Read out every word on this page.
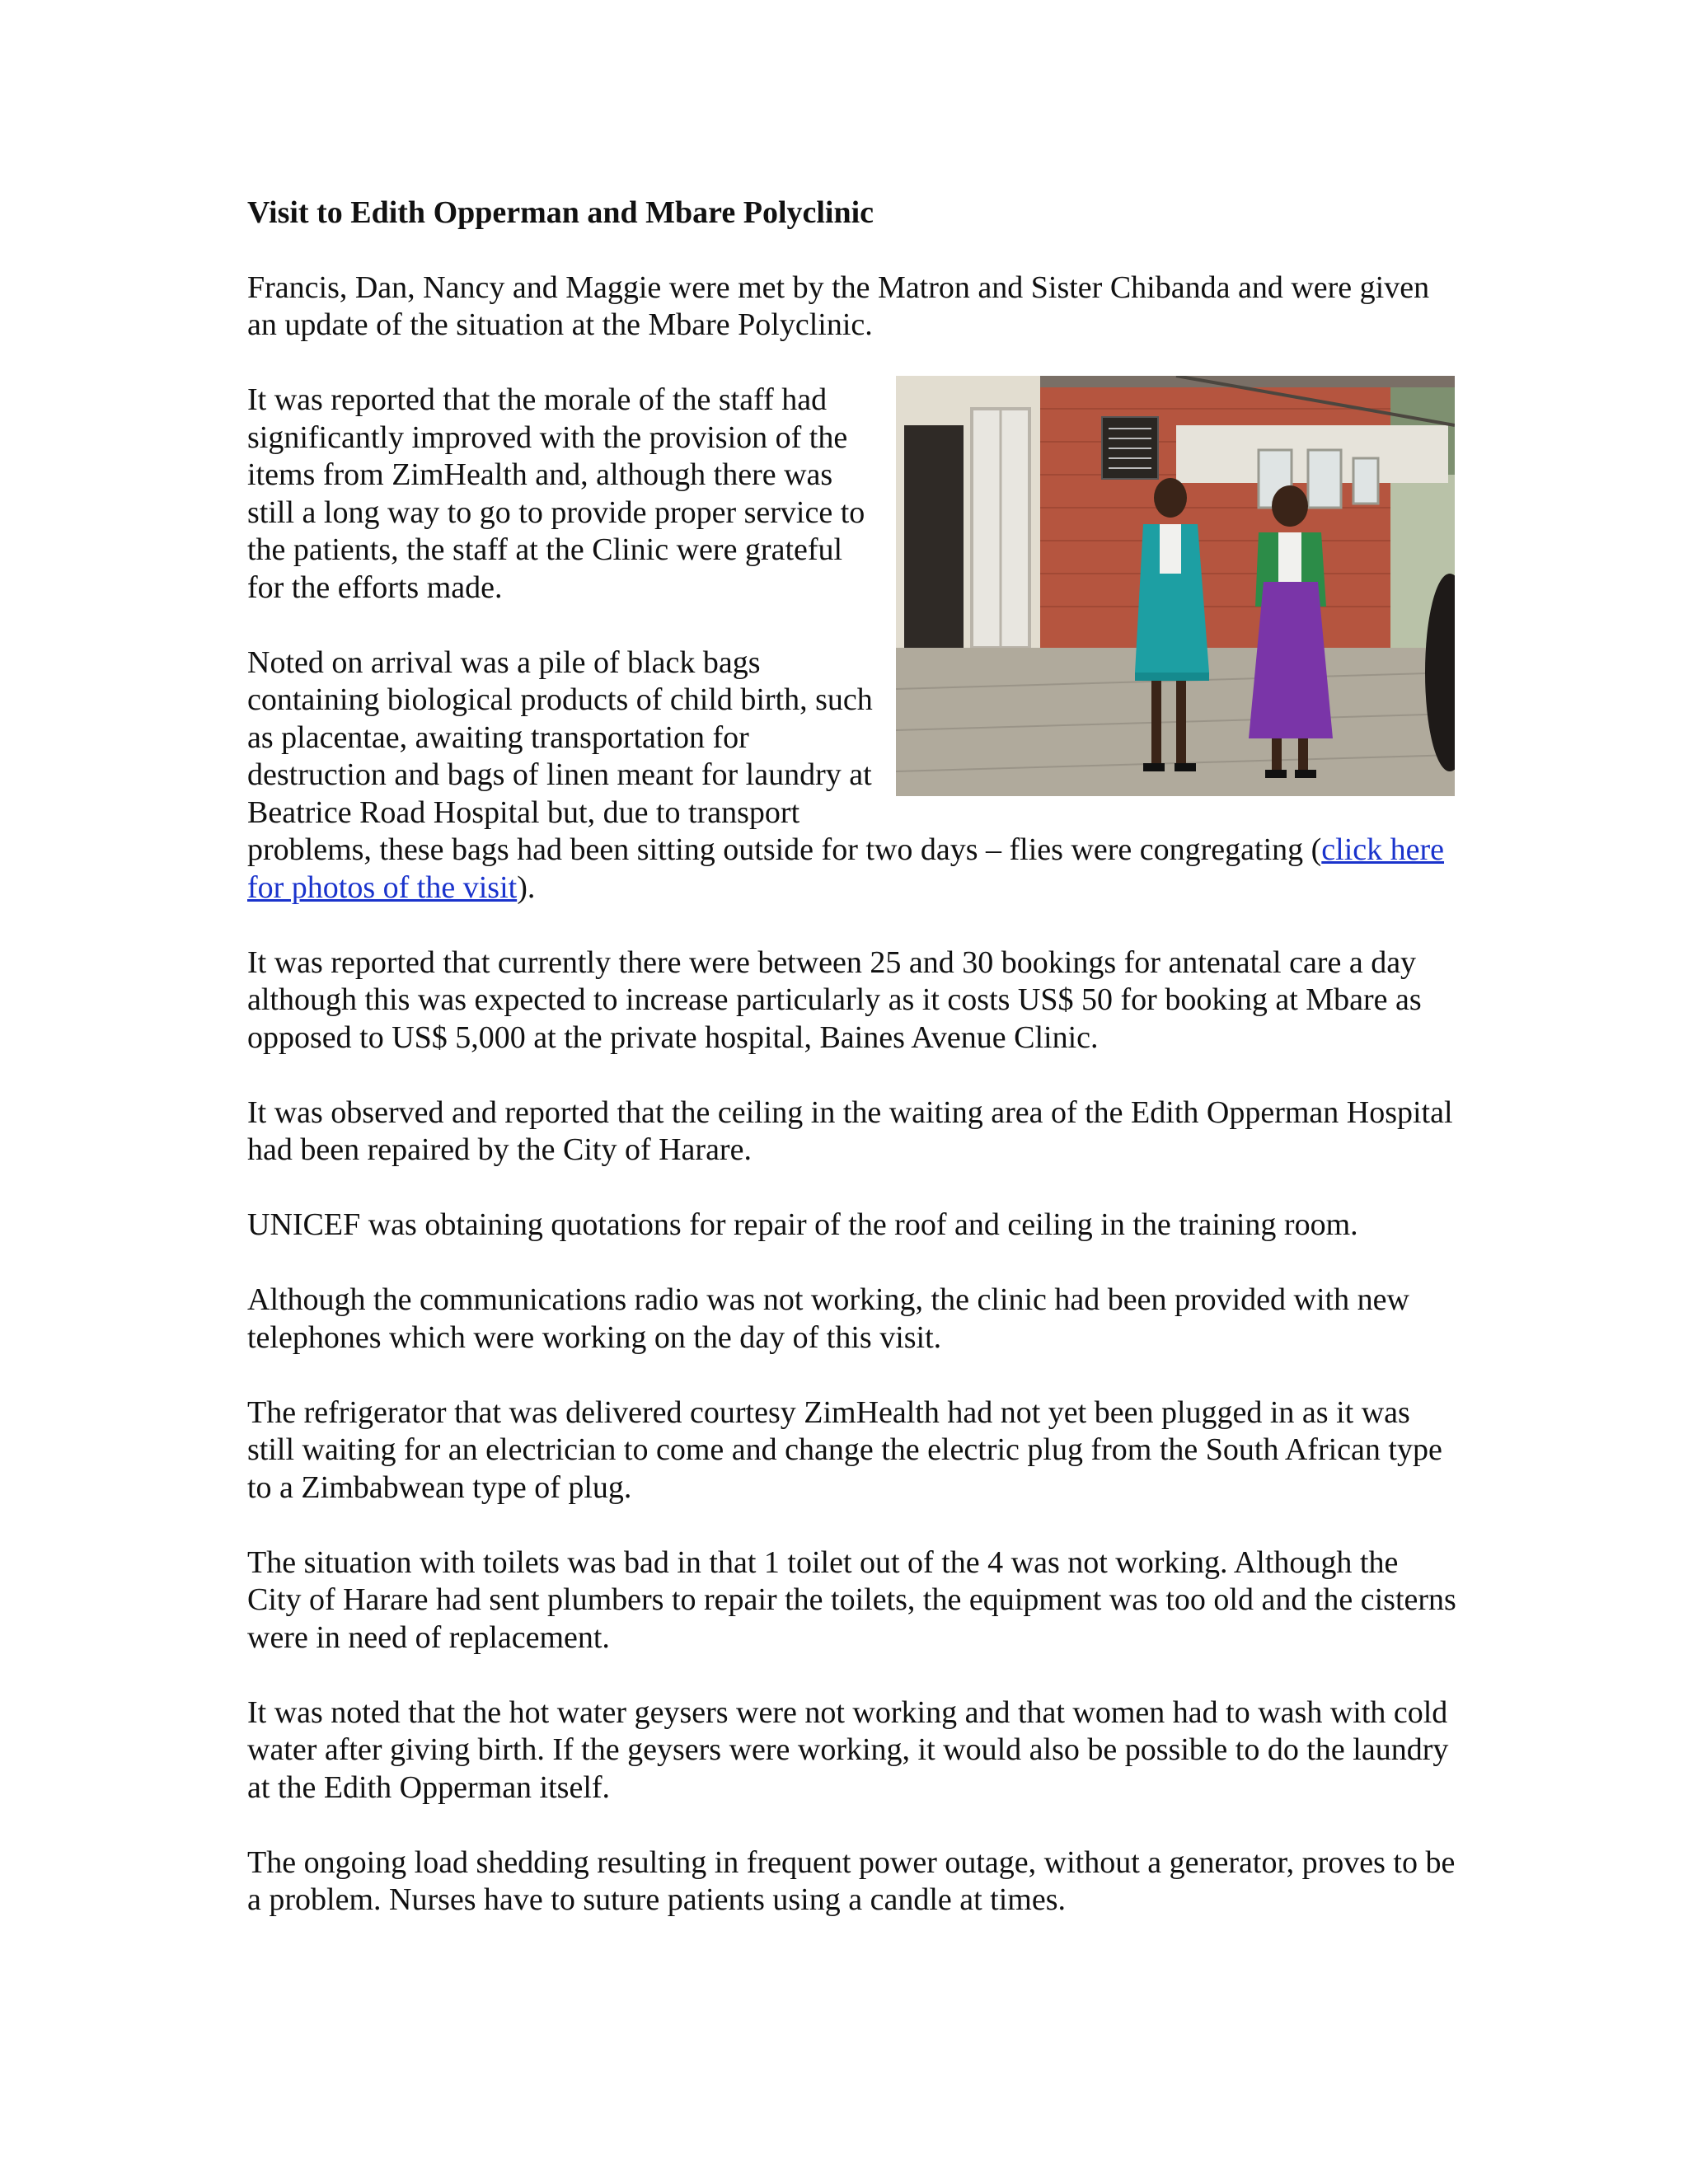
Visit to Edith Opperman and Mbare Polyclinic

Francis, Dan, Nancy and Maggie were met by the Matron and Sister Chibanda and were given an update of the situation at the Mbare Polyclinic.

It was reported that the morale of the staff had significantly improved with the provision of the items from ZimHealth and, although there was still a long way to go to provide proper service to the patients, the staff at the Clinic were grateful for the efforts made.

Noted on arrival was a pile of black bags containing biological products of child birth, such as placentae, awaiting transportation for destruction and bags of linen meant for laundry at Beatrice Road Hospital but, due to transport problems, these bags had been sitting outside for two days – flies were congregating (click here for photos of the visit).

It was reported that currently there were between 25 and 30 bookings for antenatal care a day although this was expected to increase particularly as it costs US$ 50 for booking at Mbare as opposed to US$ 5,000 at the private hospital, Baines Avenue Clinic.

It was observed and reported that the ceiling in the waiting area of the Edith Opperman Hospital had been repaired by the City of Harare.

UNICEF was obtaining quotations for repair of the roof and ceiling in the training room.

Although the communications radio was not working, the clinic had been provided with new telephones which were working on the day of this visit.

The refrigerator that was delivered courtesy ZimHealth had not yet been plugged in as it was still waiting for an electrician to come and change the electric plug from the South African type to a Zimbabwean type of plug.

The situation with toilets was bad in that 1 toilet out of the 4 was not working. Although the City of Harare had sent plumbers to repair the toilets, the equipment was too old and the cisterns were in need of replacement.

It was noted that the hot water geysers were not working and that women had to wash with cold water after giving birth. If the geysers were working, it would also be possible to do the laundry at the Edith Opperman itself.

The ongoing load shedding resulting in frequent power outage, without a generator, proves to be a problem. Nurses have to suture patients using a candle at times.
